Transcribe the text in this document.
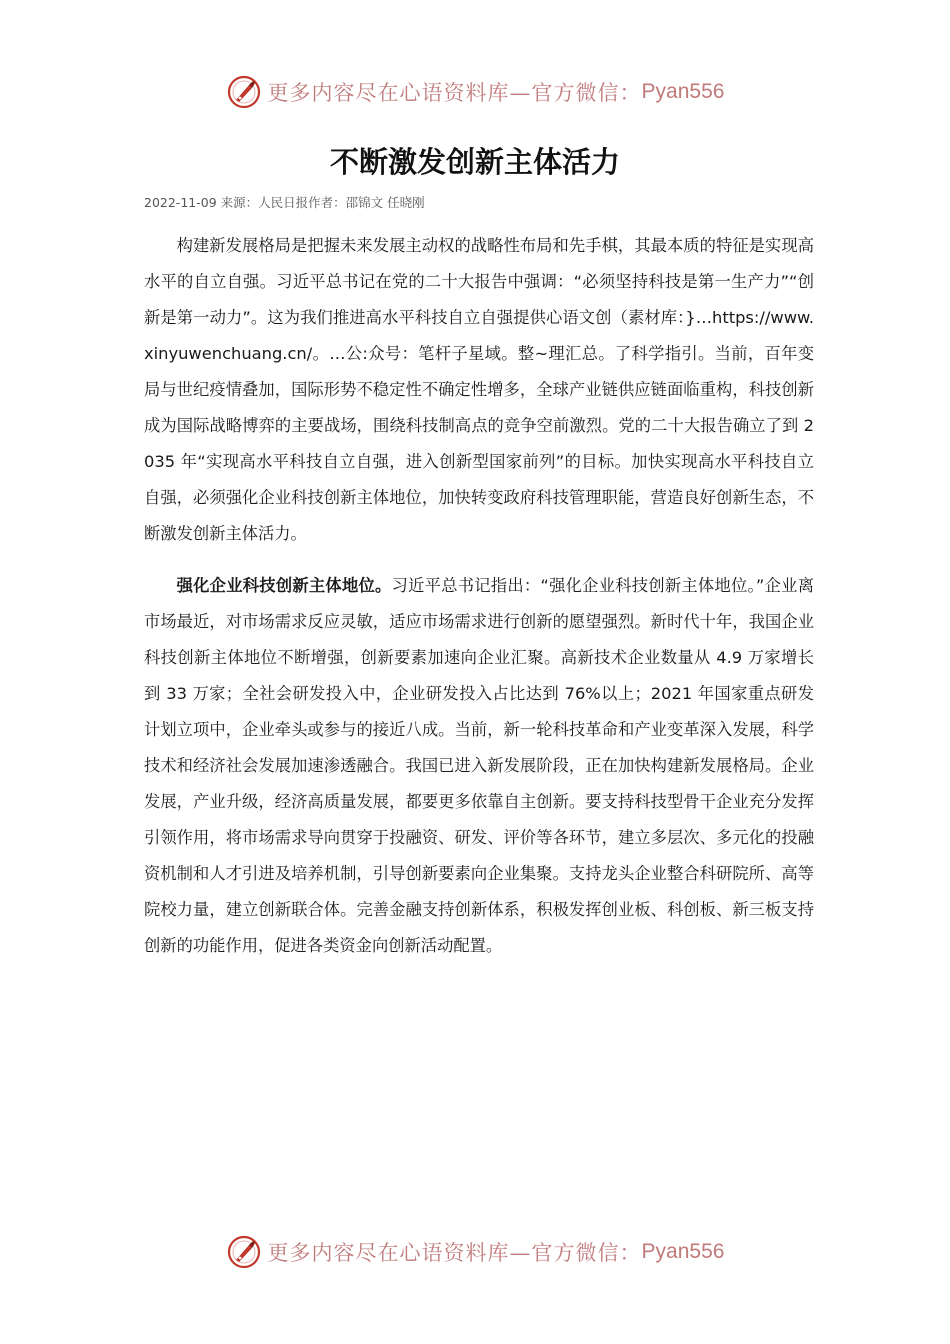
更多内容尽在心语资料库—官方微信： Pyan556
不断激发创新主体活力
2022-11-09 来源：人民日报作者：邵锦文 任晓刚

构建新发展格局是把握未来发展主动权的战略性布局和先手棋，其最本质的特征是实现高水平的自立自强。习近平总书记在党的二十大报告中强调：“必须坚持科技是第一生产力”“创新是第一动力”。这为我们推进高水平科技自立自强提供心语文创（素材库：}…https://www.xinyuwenchuang.cn/。…公:众号：笔杆子星域。整~理汇总。了科学指引。当前，百年变局与世纪疫情叠加，国际形势不稳定性不确定性增多，全球产业链供应链面临重构，科技创新成为国际战略博弈的主要战场，围绕科技制高点的竞争空前激烈。党的二十大报告确立了到 2035 年“实现高水平科技自立自强，进入创新型国家前列”的目标。加快实现高水平科技自立自强，必须强化企业科技创新主体地位，加快转变政府科技管理职能，营造良好创新生态，不断激发创新主体活力。

强化企业科技创新主体地位。习近平总书记指出：“强化企业科技创新主体地位。”企业离市场最近，对市场需求反应灵敏，适应市场需求进行创新的愿望强烈。新时代十年，我国企业科技创新主体地位不断增强，创新要素加速向企业汇聚。高新技术企业数量从 4.9 万家增长到 33 万家；全社会研发投入中，企业研发投入占比达到 76%以上；2021 年国家重点研发计划立项中，企业牵头或参与的接近八成。当前，新一轮科技革命和产业变革深入发展，科学技术和经济社会发展加速渗透融合。我国已进入新发展阶段，正在加快构建新发展格局。企业发展，产业升级，经济高质量发展，都要更多依靠自主创新。要支持科技型骨干企业充分发挥引领作用，将市场需求导向贯穿于投融资、研发、评价等各环节，建立多层次、多元化的投融资机制和人才引进及培养机制，引导创新要素向企业集聚。支持龙头企业整合科研院所、高等院校力量，建立创新联合体。完善金融支持创新体系，积极发挥创业板、科创板、新三板支持创新的功能作用，促进各类资金向创新活动配置。

更多内容尽在心语资料库—官方微信： Pyan556
